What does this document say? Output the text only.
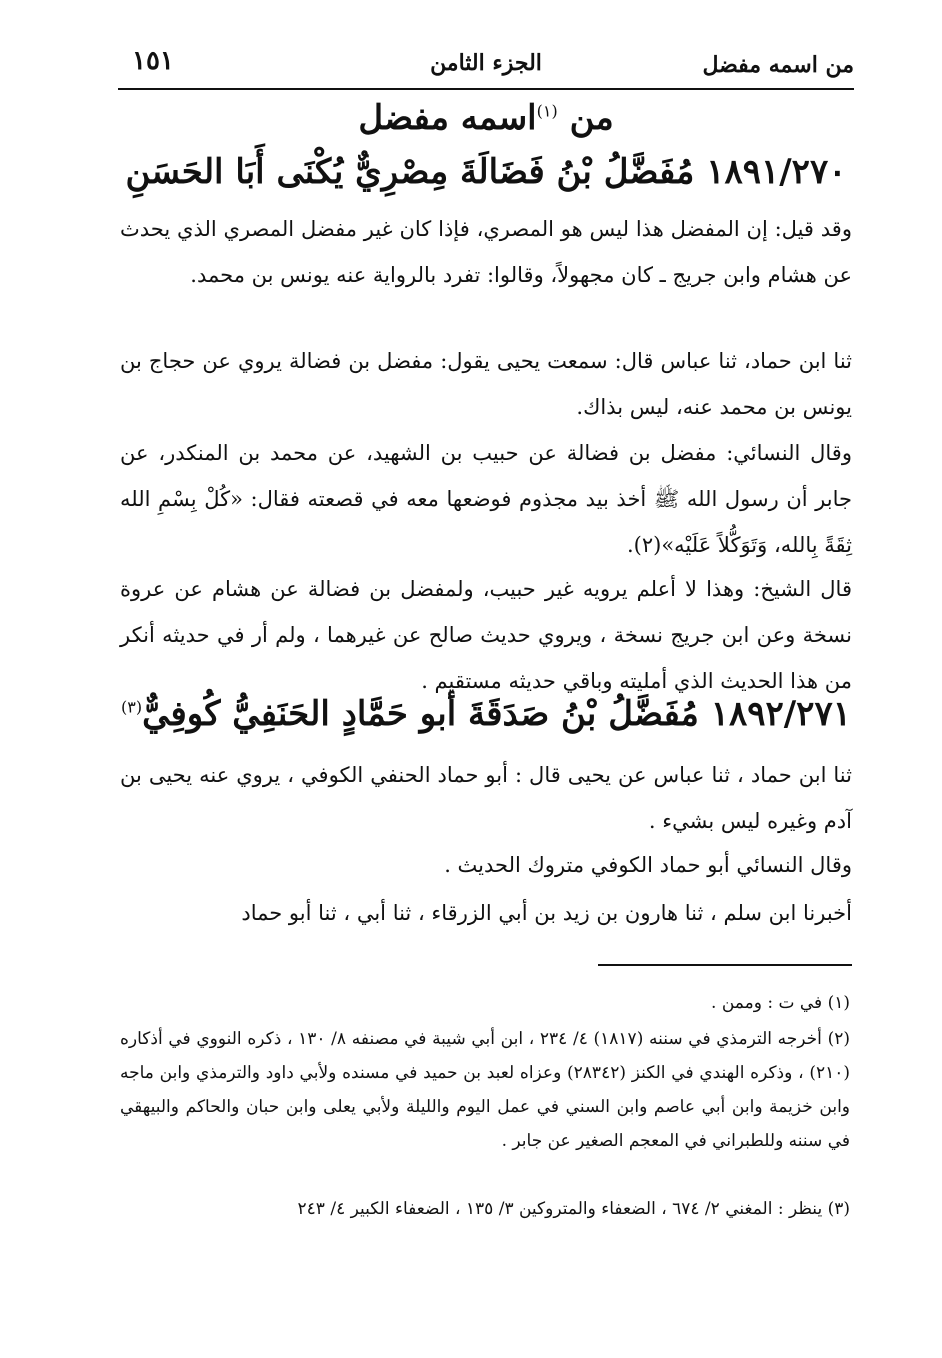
من اسمه مفضل
الجزء الثامن
١٥١
من $^{(١)}$اسمه مفضل
١٨٩١/٢٧٠ مُفَضَّلُ بْنُ فَضَالَةَ مِصْرِيٌّ يُكْنَى أَبَا الحَسَنِ
وقد قيل: إن المفضل هذا ليس هو المصري، فإذا كان غير مفضل المصري الذي يحدث عن هشام وابن جريج ـ كان مجهولاً، وقالوا: تفرد بالرواية عنه يونس بن محمد.
ثنا ابن حماد، ثنا عباس قال: سمعت يحيى يقول: مفضل بن فضالة يروي عن حجاج بن يونس بن محمد عنه، ليس بذاك.
وقال النسائي: مفضل بن فضالة عن حبيب بن الشهيد، عن محمد بن المنكدر، عن جابر أن رسول الله ﷺ أخذ بيد مجذوم فوضعها معه في قصعته فقال: «كُلْ بِسْمِ الله ثِقَةً بِالله، وَتَوَكُّلاً عَلَيْه»(٢).
قال الشيخ: وهذا لا أعلم يرويه غير حبيب، ولمفضل بن فضالة عن هشام عن عروة نسخة وعن ابن جريج نسخة ، ويروي حديث صالح عن غيرهما ، ولم أر في حديثه أنكر من هذا الحديث الذي أمليته وباقي حديثه مستقيم .
١٨٩٢/٢٧١ مُفَضَّلُ بْنُ صَدَقَةَ أبو حَمَّادٍ الحَنَفِيُّ كُوفِيٌّ$^{(٣)}$
ثنا ابن حماد ، ثنا عباس عن يحيى قال : أبو حماد الحنفي الكوفي ، يروي عنه يحيى بن آدم وغيره ليس بشيء .
وقال النسائي أبو حماد الكوفي متروك الحديث .
أخبرنا ابن سلم ، ثنا هارون بن زيد بن أبي الزرقاء ، ثنا أبي ، ثنا أبو حماد
(١) في ت : وممن .
(٢) أخرجه الترمذي في سننه (١٨١٧) ٤/ ٢٣٤ ، ابن أبي شيبة في مصنفه ٨/ ١٣٠ ، ذكره النووي في أذكاره (٢١٠) ، وذكره الهندي في الكنز (٢٨٣٤٢) وعزاه لعبد بن حميد في مسنده ولأبي داود والترمذي وابن ماجه وابن خزيمة وابن أبي عاصم وابن السني في عمل اليوم والليلة ولأبي يعلى وابن حبان والحاكم والبيهقي في سننه وللطبراني في المعجم الصغير عن جابر .
(٣) ينظر : المغني ٢/ ٦٧٤ ، الضعفاء والمتروكين ٣/ ١٣٥ ، الضعفاء الكبير ٤/ ٢٤٣
